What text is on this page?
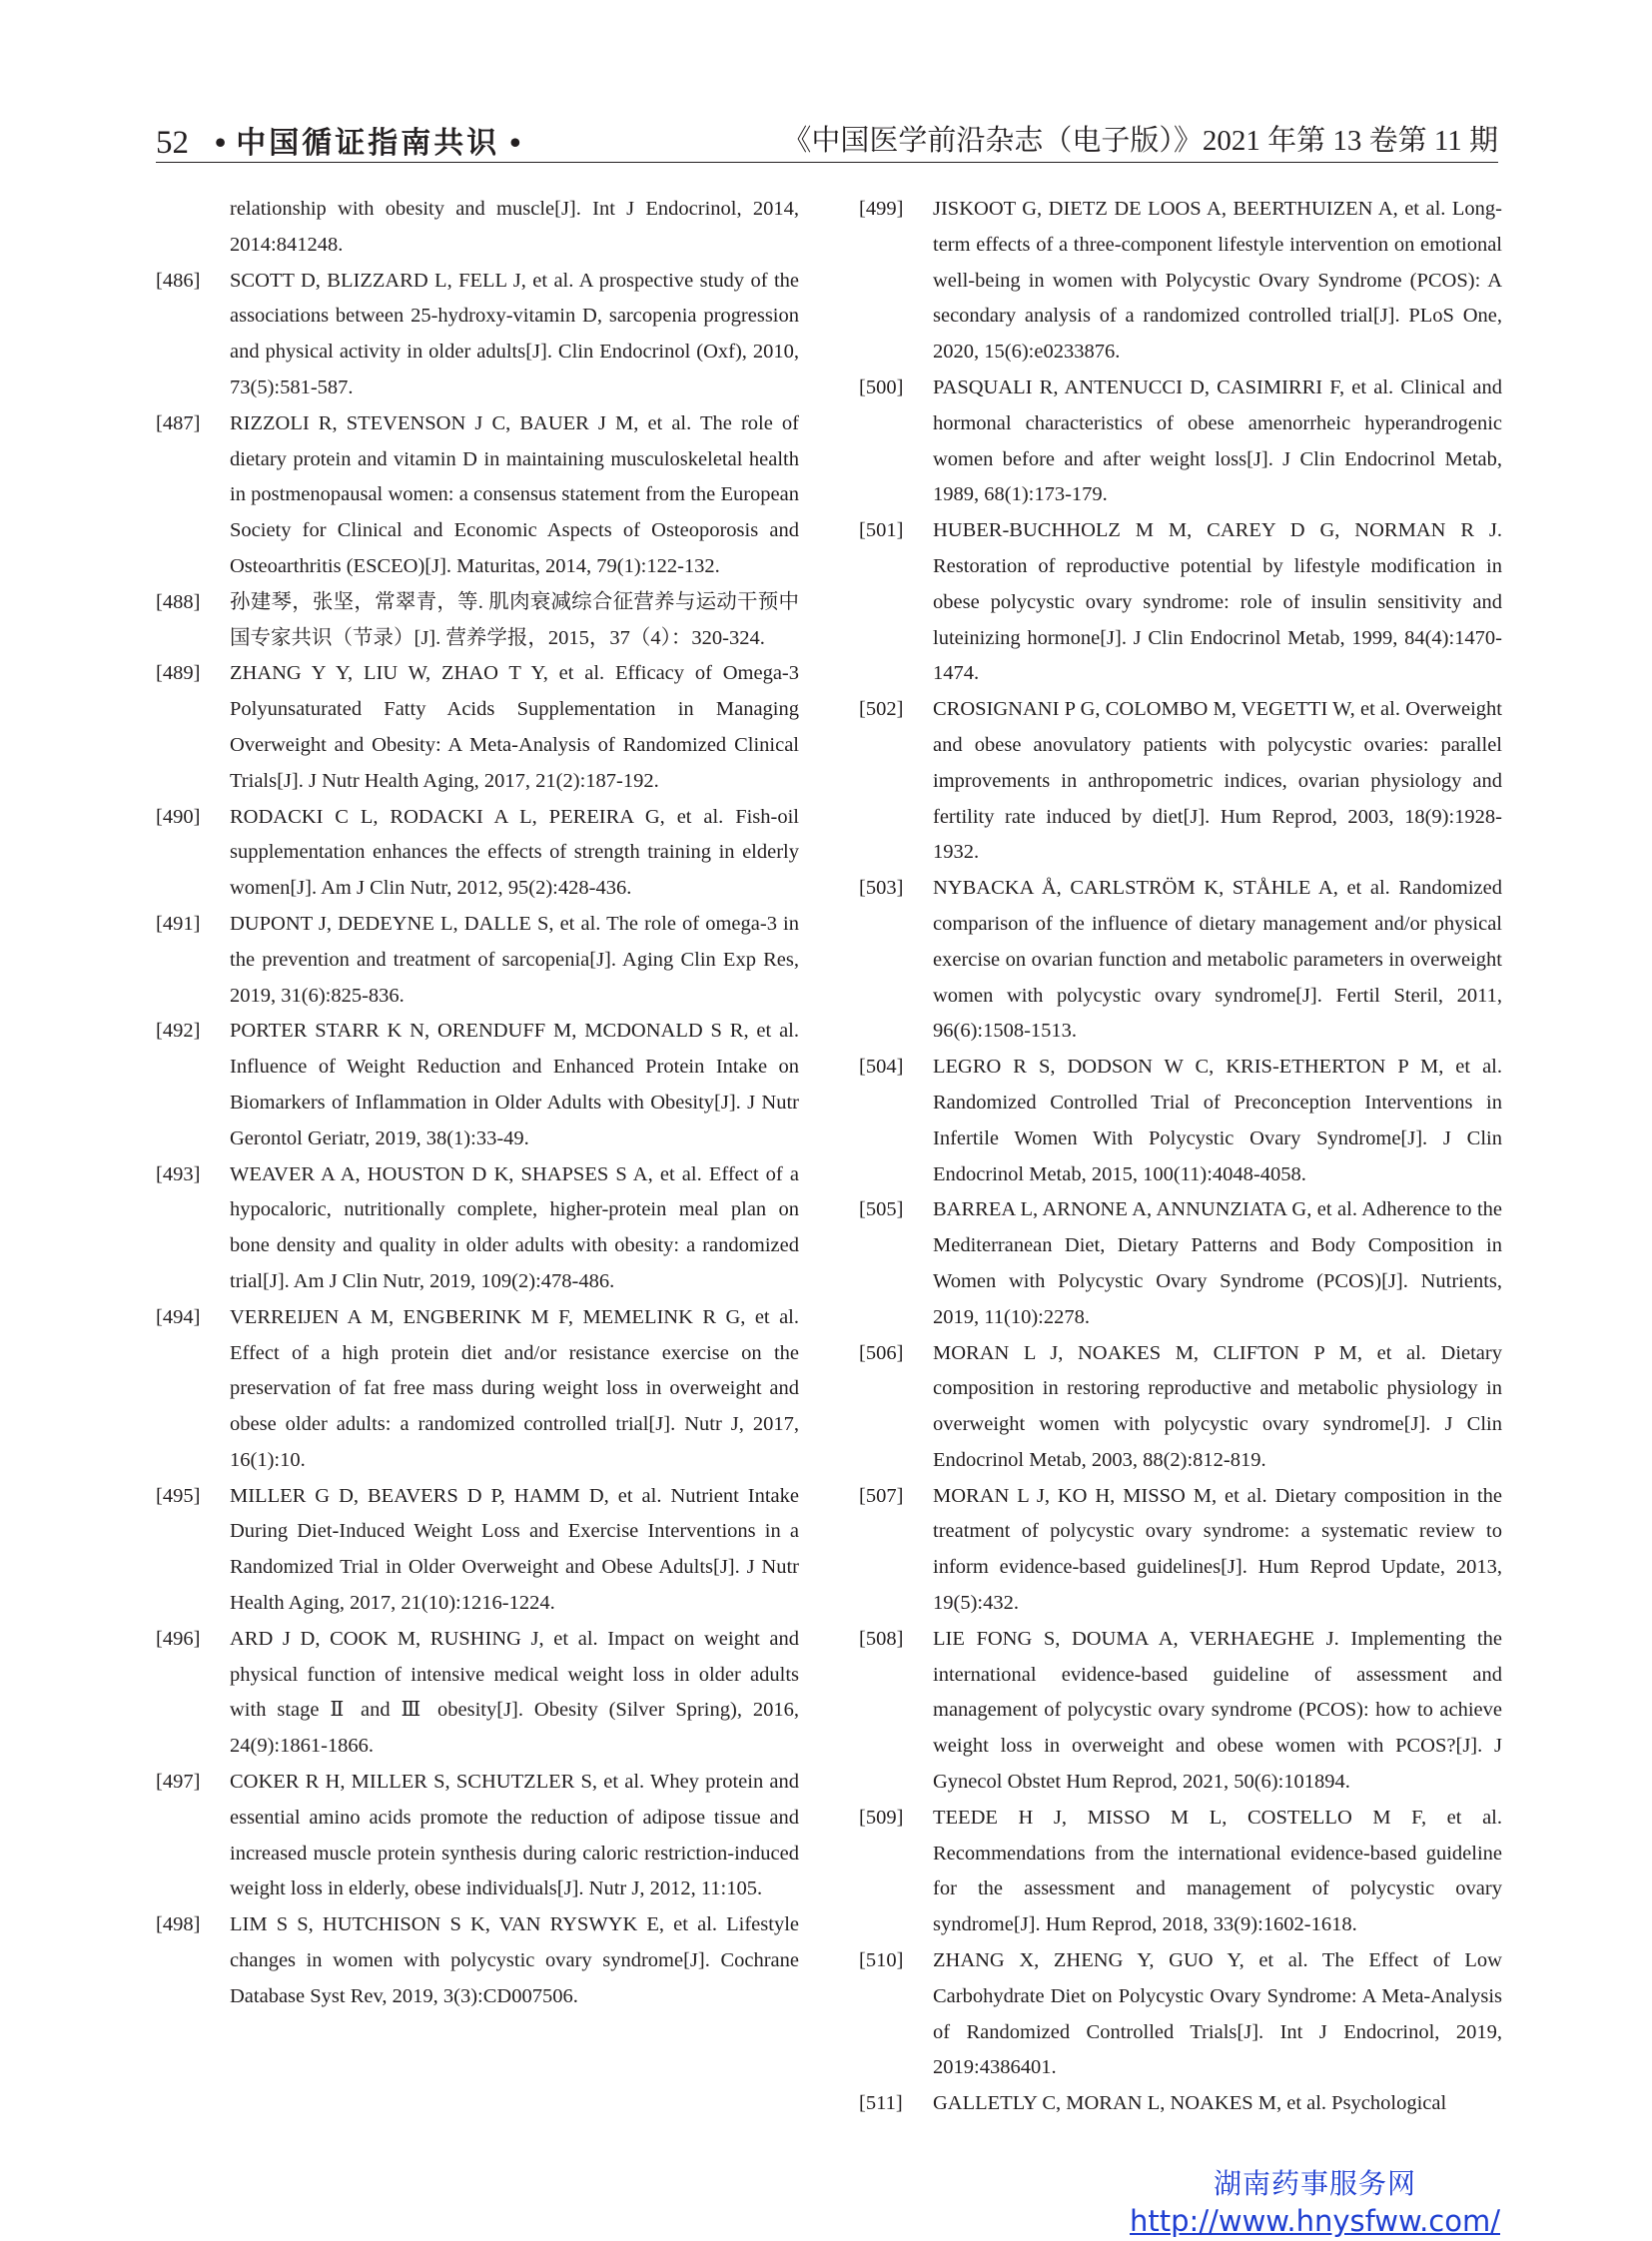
52 • 中国循证指南共识 •	《中国医学前沿杂志（电子版）》2021 年第 13 卷第 11 期
relationship with obesity and muscle[J]. Int J Endocrinol, 2014, 2014:841248.
[486] SCOTT D, BLIZZARD L, FELL J, et al. A prospective study of the associations between 25-hydroxy-vitamin D, sarcopenia progression and physical activity in older adults[J]. Clin Endocrinol (Oxf), 2010, 73(5):581-587.
[487] RIZZOLI R, STEVENSON J C, BAUER J M, et al. The role of dietary protein and vitamin D in maintaining musculoskeletal health in postmenopausal women: a consensus statement from the European Society for Clinical and Economic Aspects of Osteoporosis and Osteoarthritis (ESCEO)[J]. Maturitas, 2014, 79(1):122-132.
[488] 孙建琴，张坚，常翠青，等. 肌肉衰减综合征营养与运动干预中国专家共识（节录）[J]. 营养学报，2015，37（4）：320-324.
[489] ZHANG Y Y, LIU W, ZHAO T Y, et al. Efficacy of Omega-3 Polyunsaturated Fatty Acids Supplementation in Managing Overweight and Obesity: A Meta-Analysis of Randomized Clinical Trials[J]. J Nutr Health Aging, 2017, 21(2):187-192.
[490] RODACKI C L, RODACKI A L, PEREIRA G, et al. Fish-oil supplementation enhances the effects of strength training in elderly women[J]. Am J Clin Nutr, 2012, 95(2):428-436.
[491] DUPONT J, DEDEYNE L, DALLE S, et al. The role of omega-3 in the prevention and treatment of sarcopenia[J]. Aging Clin Exp Res, 2019, 31(6):825-836.
[492] PORTER STARR K N, ORENDUFF M, MCDONALD S R, et al. Influence of Weight Reduction and Enhanced Protein Intake on Biomarkers of Inflammation in Older Adults with Obesity[J]. J Nutr Gerontol Geriatr, 2019, 38(1):33-49.
[493] WEAVER A A, HOUSTON D K, SHAPSES S A, et al. Effect of a hypocaloric, nutritionally complete, higher-protein meal plan on bone density and quality in older adults with obesity: a randomized trial[J]. Am J Clin Nutr, 2019, 109(2):478-486.
[494] VERREIJEN A M, ENGBERINK M F, MEMELINK R G, et al. Effect of a high protein diet and/or resistance exercise on the preservation of fat free mass during weight loss in overweight and obese older adults: a randomized controlled trial[J]. Nutr J, 2017, 16(1):10.
[495] MILLER G D, BEAVERS D P, HAMM D, et al. Nutrient Intake During Diet-Induced Weight Loss and Exercise Interventions in a Randomized Trial in Older Overweight and Obese Adults[J]. J Nutr Health Aging, 2017, 21(10):1216-1224.
[496] ARD J D, COOK M, RUSHING J, et al. Impact on weight and physical function of intensive medical weight loss in older adults with stage Ⅱ and Ⅲ obesity[J]. Obesity (Silver Spring), 2016, 24(9):1861-1866.
[497] COKER R H, MILLER S, SCHUTZLER S, et al. Whey protein and essential amino acids promote the reduction of adipose tissue and increased muscle protein synthesis during caloric restriction-induced weight loss in elderly, obese individuals[J]. Nutr J, 2012, 11:105.
[498] LIM S S, HUTCHISON S K, VAN RYSWYK E, et al. Lifestyle changes in women with polycystic ovary syndrome[J]. Cochrane Database Syst Rev, 2019, 3(3):CD007506.
[499] JISKOOT G, DIETZ DE LOOS A, BEERTHUIZEN A, et al. Long-term effects of a three-component lifestyle intervention on emotional well-being in women with Polycystic Ovary Syndrome (PCOS): A secondary analysis of a randomized controlled trial[J]. PLoS One, 2020, 15(6):e0233876.
[500] PASQUALI R, ANTENUCCI D, CASIMIRRI F, et al. Clinical and hormonal characteristics of obese amenorrheic hyperandrogenic women before and after weight loss[J]. J Clin Endocrinol Metab, 1989, 68(1):173-179.
[501] HUBER-BUCHHOLZ M M, CAREY D G, NORMAN R J. Restoration of reproductive potential by lifestyle modification in obese polycystic ovary syndrome: role of insulin sensitivity and luteinizing hormone[J]. J Clin Endocrinol Metab, 1999, 84(4):1470-1474.
[502] CROSIGNANI P G, COLOMBO M, VEGETTI W, et al. Overweight and obese anovulatory patients with polycystic ovaries: parallel improvements in anthropometric indices, ovarian physiology and fertility rate induced by diet[J]. Hum Reprod, 2003, 18(9):1928-1932.
[503] NYBACKA Å, CARLSTRÖM K, STÅHLE A, et al. Randomized comparison of the influence of dietary management and/or physical exercise on ovarian function and metabolic parameters in overweight women with polycystic ovary syndrome[J]. Fertil Steril, 2011, 96(6):1508-1513.
[504] LEGRO R S, DODSON W C, KRIS-ETHERTON P M, et al. Randomized Controlled Trial of Preconception Interventions in Infertile Women With Polycystic Ovary Syndrome[J]. J Clin Endocrinol Metab, 2015, 100(11):4048-4058.
[505] BARREA L, ARNONE A, ANNUNZIATA G, et al. Adherence to the Mediterranean Diet, Dietary Patterns and Body Composition in Women with Polycystic Ovary Syndrome (PCOS)[J]. Nutrients, 2019, 11(10):2278.
[506] MORAN L J, NOAKES M, CLIFTON P M, et al. Dietary composition in restoring reproductive and metabolic physiology in overweight women with polycystic ovary syndrome[J]. J Clin Endocrinol Metab, 2003, 88(2):812-819.
[507] MORAN L J, KO H, MISSO M, et al. Dietary composition in the treatment of polycystic ovary syndrome: a systematic review to inform evidence-based guidelines[J]. Hum Reprod Update, 2013, 19(5):432.
[508] LIE FONG S, DOUMA A, VERHAEGHE J. Implementing the international evidence-based guideline of assessment and management of polycystic ovary syndrome (PCOS): how to achieve weight loss in overweight and obese women with PCOS?[J]. J Gynecol Obstet Hum Reprod, 2021, 50(6):101894.
[509] TEEDE H J, MISSO M L, COSTELLO M F, et al. Recommendations from the international evidence-based guideline for the assessment and management of polycystic ovary syndrome[J]. Hum Reprod, 2018, 33(9):1602-1618.
[510] ZHANG X, ZHENG Y, GUO Y, et al. The Effect of Low Carbohydrate Diet on Polycystic Ovary Syndrome: A Meta-Analysis of Randomized Controlled Trials[J]. Int J Endocrinol, 2019, 2019:4386401.
[511] GALLETLY C, MORAN L, NOAKES M, et al. Psychological
湖南药事服务网
http://www.hnysfww.com/
